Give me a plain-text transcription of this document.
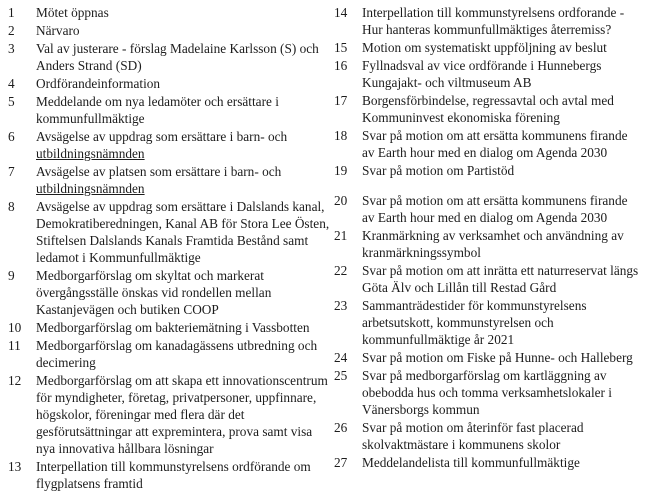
1	Mötet öppnas
2	Närvaro
3	Val av justerare - förslag Madelaine Karlsson (S) och Anders Strand (SD)
4	Ordförandeinformation
5	Meddelande om nya ledamöter och ersättare i kommunfullmäktige
6	Avsägelse av uppdrag som ersättare i barn- och utbildningsnämnden
7	Avsägelse av platsen som ersättare i barn- och utbildningsnämnden
8	Avsägelse av uppdrag som ersättare i Dalslands kanal, Demokratiberedningen, Kanal AB för Stora Lee Östen, Stiftelsen Dalslands Kanals Framtida Bestånd samt ledamot i Kommunfullmäktige
9	Medborgarförslag om skyltat och markerat övergångsställe önskas vid rondellen mellan Kastanjevägen och butiken COOP
10	Medborgarförslag om bakteriemätning i Vassbotten
11	Medborgarförslag om kanadagässens utbredning och decimering
12	Medborgarförslag om att skapa ett innovationscentrum för myndigheter, företag, privatpersoner, uppfinnare, högskolor, föreningar med flera där det gesförutsättningar att expremintera, prova samt visa nya innovativa hållbara lösningar
13	Interpellation till kommunstyrelsens ordförande om flygplatsens framtid
14	Interpellation till kommunstyrelsens ordforande - Hur hanteras kommunfullmäktiges återremiss?
15	Motion om systematiskt uppföljning av beslut
16	Fyllnadsval av vice ordförande i Hunnebergs Kungajakt- och viltmuseum AB
17	Borgensförbindelse, regressavtal och avtal med Kommuninvest ekonomiska förening
18	Svar på motion om att ersätta kommunens firande av Earth hour med en dialog om Agenda 2030
19	Svar på motion om Partistöd
20	Svar på motion om att ersätta kommunens firande av Earth hour med en dialog om Agenda 2030
21	Kranmärkning av verksamhet och användning av kranmärkningssymbol
22	Svar på motion om att inrätta ett naturreservat längs Göta Älv och Lillån till Restad Gård
23	Sammanträdestider för kommunstyrelsens arbetsutskott, kommunstyrelsen och kommunfullmäktige år 2021
24	Svar på motion om Fiske på Hunne- och Halleberg
25	Svar på medborgarförslag om kartläggning av obebodda hus och tomma verksamhetslokaler i Vänersborgs kommun
26	Svar på motion om återinför fast placerad skolvaktmästare i kommunens skolor
27	Meddelandelista till kommunfullmäktige
